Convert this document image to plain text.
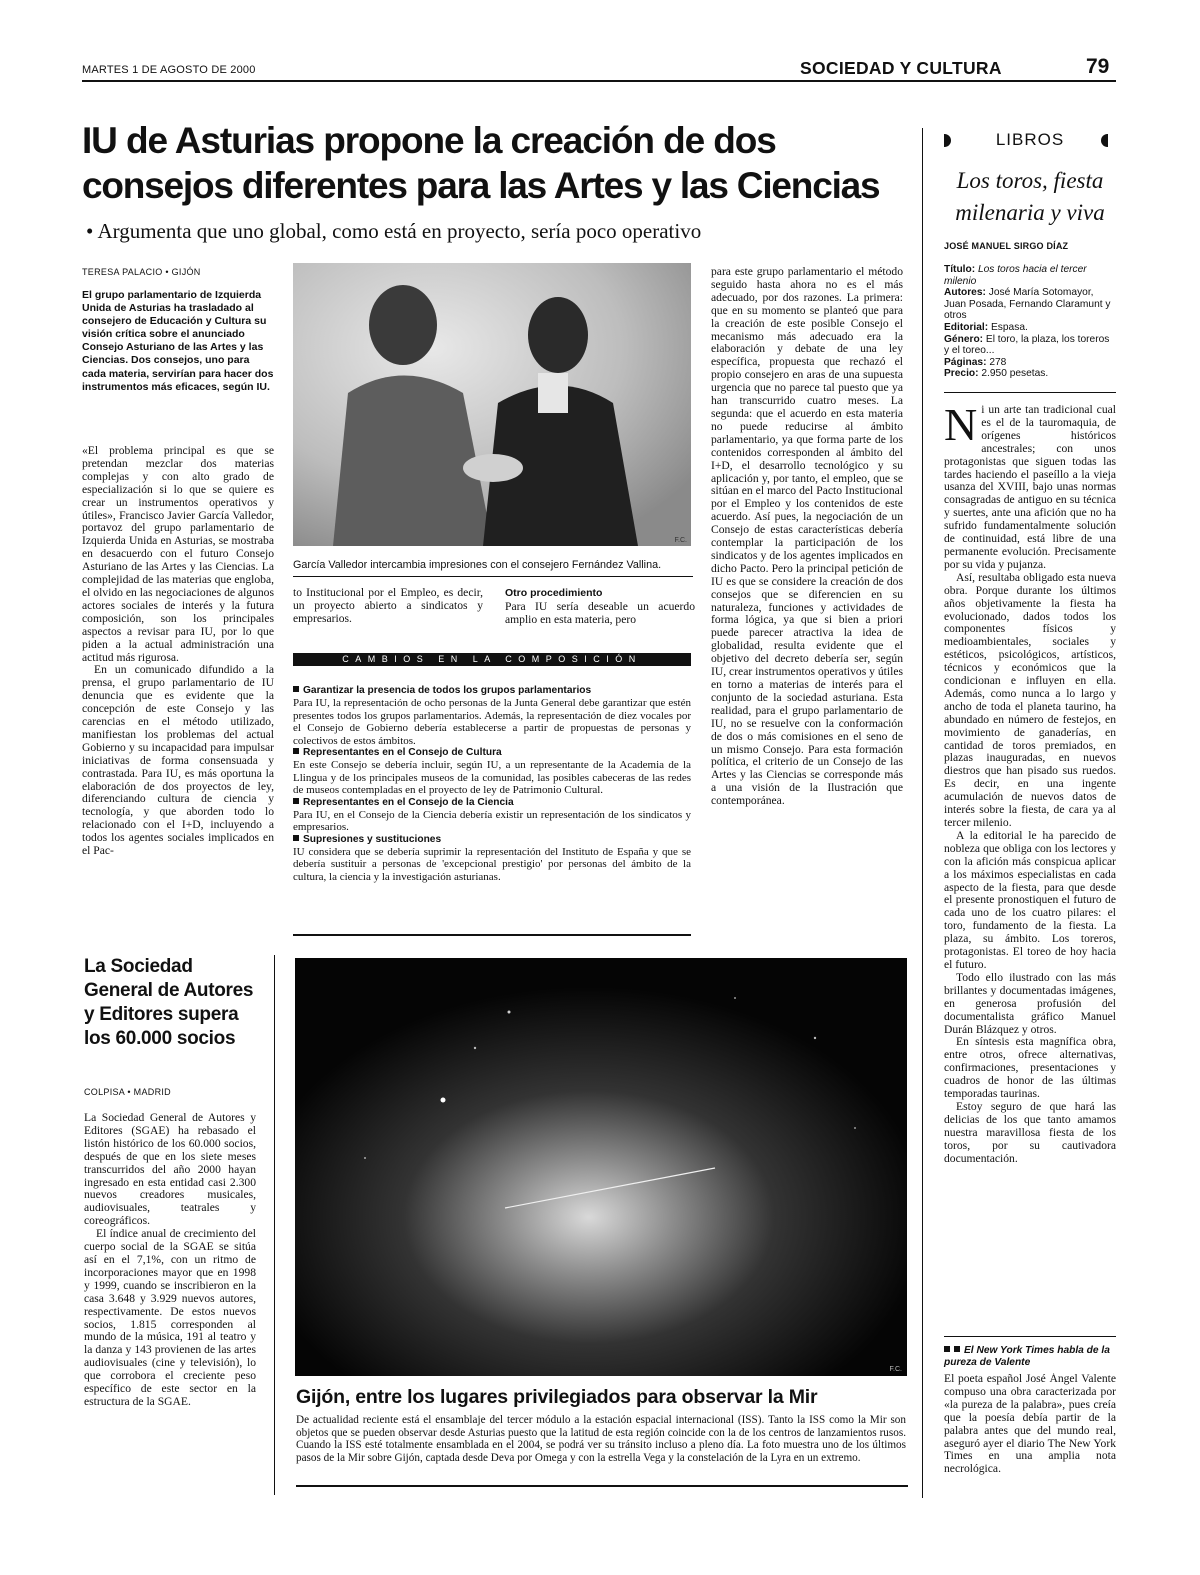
MARTES 1 DE AGOSTO DE 2000	SOCIEDAD Y CULTURA	79
IU de Asturias propone la creación de dos
consejos diferentes para las Artes y las Ciencias
• Argumenta que uno global, como está en proyecto, sería poco operativo
TERESA PALACIO • GIJÓN
El grupo parlamentario de Izquierda Unida de Asturias ha trasladado al consejero de Educación y Cultura su visión crítica sobre el anunciado Consejo Asturiano de las Artes y las Ciencias. Dos consejos, uno para cada materia, servirían para hacer dos instrumentos más eficaces, según IU.

«El problema principal es que se pretendan mezclar dos materias complejas y con alto grado de especialización si lo que se quiere es crear un instrumentos operativos y útiles», Francisco Javier García Valledor, portavoz del grupo parlamentario de Izquierda Unida en Asturias, se mostraba en desacuerdo con el futuro Consejo Asturiano de las Artes y las Ciencias. La complejidad de las materias que engloba, el olvido en las negociaciones de algunos actores sociales de interés y la futura composición, son los principales aspectos a revisar para IU, por lo que piden a la actual administración una actitud más rigurosa.

En un comunicado difundido a la prensa, el grupo parlamentario de IU denuncia que es evidente que la concepción de este Consejo y las carencias en el método utilizado, manifiestan los problemas del actual Gobierno y su incapacidad para impulsar iniciativas de forma consensuada y contrastada. Para IU, es más oportuna la elaboración de dos proyectos de ley, diferenciando cultura de ciencia y tecnología, y que aborden todo lo relacionado con el I+D, incluyendo a todos los agentes sociales implicados en el Pac-

F.C.
García Valledor intercambia impresiones con el consejero Fernández Vallina.
to Institucional por el Empleo, es decir, un proyecto abierto a sindicatos y empresarios.
Otro procedimiento
Para IU sería deseable un acuerdo amplio en esta materia, pero
CAMBIOS EN LA COMPOSICIÓN
Garantizar la presencia de todos los grupos parlamentarios
Para IU, la representación de ocho personas de la Junta General debe garantizar que estén presentes todos los grupos parlamentarios. Además, la representación de diez vocales por el Consejo de Gobierno debería establecerse a partir de propuestas de personas y colectivos de estos ámbitos.
Representantes en el Consejo de Cultura
En este Consejo se debería incluir, según IU, a un representante de la Academia de la Llingua y de los principales museos de la comunidad, las posibles cabeceras de las redes de museos contempladas en el proyecto de ley de Patrimonio Cultural.
Representantes en el Consejo de la Ciencia
Para IU, en el Consejo de la Ciencia debería existir un representación de los sindicatos y empresarios.
Supresiones y sustituciones
IU considera que se debería suprimir la representación del Instituto de España y que se debería sustituir a personas de 'excepcional prestigio' por personas del ámbito de la cultura, la ciencia y la investigación asturianas.
para este grupo parlamentario el método seguido hasta ahora no es el más adecuado, por dos razones. La primera: que en su momento se planteó que para la creación de este posible Consejo el mecanismo más adecuado era la elaboración y debate de una ley específica, propuesta que rechazó el propio consejero en aras de una supuesta urgencia que no parece tal puesto que ya han transcurrido cuatro meses. La segunda: que el acuerdo en esta materia no puede reducirse al ámbito parlamentario, ya que forma parte de los contenidos corresponden al ámbito del I+D, el desarrollo tecnológico y su aplicación y, por tanto, el empleo, que se sitúan en el marco del Pacto Institucional por el Empleo y los contenidos de este acuerdo. Así pues, la negociación de un Consejo de estas características debería contemplar la participación de los sindicatos y de los agentes implicados en dicho Pacto. Pero la principal petición de IU es que se considere la creación de dos consejos que se diferencien en su naturaleza, funciones y actividades de forma lógica, ya que si bien a priori puede parecer atractiva la idea de globalidad, resulta evidente que el objetivo del decreto debería ser, según IU, crear instrumentos operativos y útiles en torno a materias de interés para el conjunto de la sociedad asturiana. Esta realidad, para el grupo parlamentario de IU, no se resuelve con la conformación de dos o más comisiones en el seno de un mismo Consejo. Para esta formación política, el criterio de un Consejo de las Artes y las Ciencias se corresponde más a una visión de la Ilustración que contemporánea.
La Sociedad General de Autores y Editores supera los 60.000 socios
COLPISA • MADRID

La Sociedad General de Autores y Editores (SGAE) ha rebasado el listón histórico de los 60.000 socios, después de que en los siete meses transcurridos del año 2000 hayan ingresado en esta entidad casi 2.300 nuevos creadores musicales, audiovisuales, teatrales y coreográficos.

El índice anual de crecimiento del cuerpo social de la SGAE se sitúa así en el 7,1%, con un ritmo de incorporaciones mayor que en 1998 y 1999, cuando se inscribieron en la casa 3.648 y 3.929 nuevos autores, respectivamente. De estos nuevos socios, 1.815 corresponden al mundo de la música, 191 al teatro y la danza y 143 provienen de las artes audiovisuales (cine y televisión), lo que corrobora el creciente peso específico de este sector en la estructura de la SGAE.

F.C.
Gijón, entre los lugares privilegiados para observar la Mir
De actualidad reciente está el ensamblaje del tercer módulo a la estación espacial internacional (ISS). Tanto la ISS como la Mir son objetos que se pueden observar desde Asturias puesto que la latitud de esta región coincide con la de los centros de lanzamientos rusos. Cuando la ISS esté totalmente ensamblada en el 2004, se podrá ver su tránsito incluso a pleno día. La foto muestra uno de los últimos pasos de la Mir sobre Gijón, captada desde Deva por Omega y con la estrella Vega y la constelación de la Lyra en un extremo.
LIBROS
Los toros, fiesta
milenaria y viva
JOSÉ MANUEL SIRGO DÍAZ
Título: Los toros hacia el tercer milenio
Autores: José María Sotomayor, Juan Posada, Fernando Claramunt y otros
Editorial: Espasa.
Género: El toro, la plaza, los toreros y el toreo...
Páginas: 278
Precio: 2.950 pesetas.

Ni un arte tan tradicional cual es el de la tauromaquia, de orígenes históricos ancestrales; con unos protagonistas que siguen todas las tardes haciendo el paseíllo a la vieja usanza del XVIII, bajo unas normas consagradas de antiguo en su técnica y suertes, ante una afición que no ha sufrido fundamentalmente solución de continuidad, está libre de una permanente evolución. Precisamente por su vida y pujanza.

Así, resultaba obligado esta nueva obra. Porque durante los últimos años objetivamente la fiesta ha evolucionado, dados todos los componentes físicos y medioambientales, sociales y estéticos, psicológicos, artísticos, técnicos y económicos que la condicionan e influyen en ella. Además, como nunca a lo largo y ancho de toda el planeta taurino, ha abundado en número de festejos, en movimiento de ganaderías, en cantidad de toros premiados, en plazas inauguradas, en nuevos diestros que han pisado sus ruedos. Es decir, en una ingente acumulación de nuevos datos de interés sobre la fiesta, de cara ya al tercer milenio.

A la editorial le ha parecido de nobleza que obliga con los lectores y con la afición más conspicua aplicar a los máximos especialistas en cada aspecto de la fiesta, para que desde el presente pronostiquen el futuro de cada uno de los cuatro pilares: el toro, fundamento de la fiesta. La plaza, su ámbito. Los toreros, protagonistas. El toreo de hoy hacia el futuro.

Todo ello ilustrado con las más brillantes y documentadas imágenes, en generosa profusión del documentalista gráfico Manuel Durán Blázquez y otros.

En síntesis esta magnífica obra, entre otros, ofrece alternativas, confirmaciones, presentaciones y cuadros de honor de las últimas temporadas taurinas.

Estoy seguro de que hará las delicias de los que tanto amamos nuestra maravillosa fiesta de los toros, por su cautivadora documentación.

El New York Times habla de la pureza de Valente
El poeta español José Ángel Valente compuso una obra caracterizada por «la pureza de la palabra», pues creía que la poesía debía partir de la palabra antes que del mundo real, aseguró ayer el diario The New York Times en una amplia nota necrológica.
